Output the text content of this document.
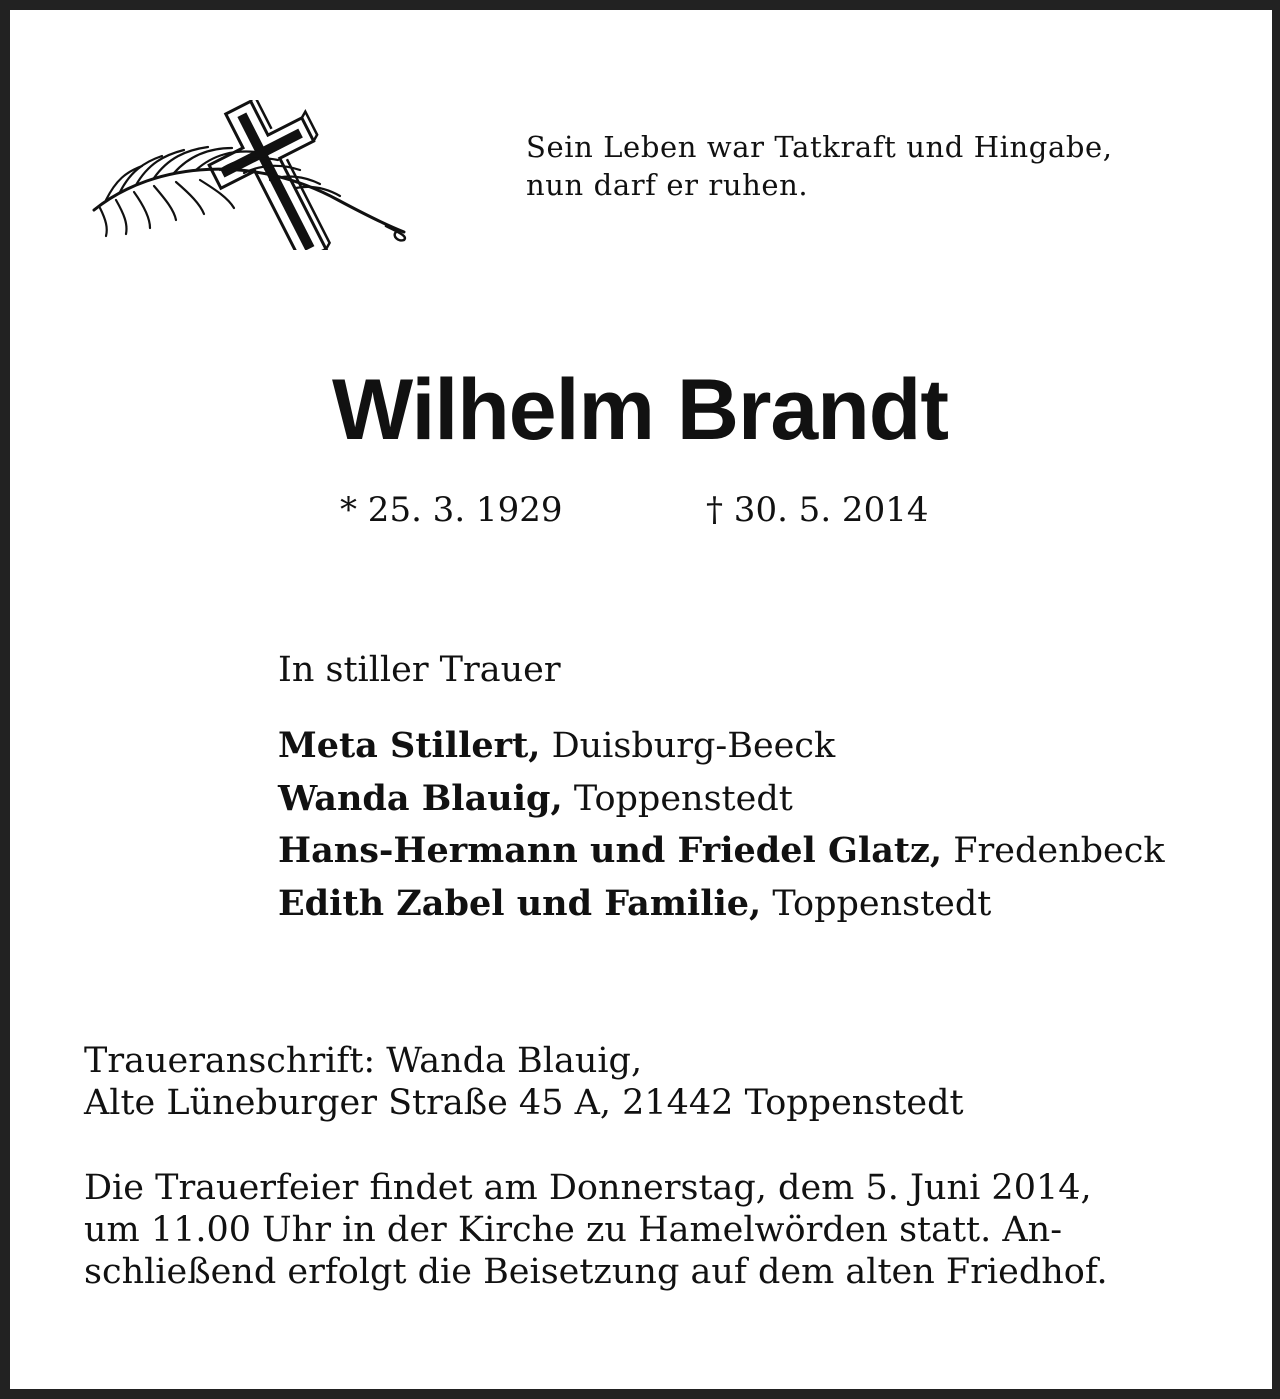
Sein Leben war Tatkraft und Hingabe,
nun darf er ruhen.
Wilhelm Brandt
* 25. 3. 1929	† 30. 5. 2014
In stiller Trauer
Meta Stillert, Duisburg-Beeck
Wanda Blauig, Toppenstedt
Hans-Hermann und Friedel Glatz, Fredenbeck
Edith Zabel und Familie, Toppenstedt
Traueranschrift: Wanda Blauig,
Alte Lüneburger Straße 45 A, 21442 Toppenstedt
Die Trauerfeier findet am Donnerstag, dem 5. Juni 2014,
um 11.00 Uhr in der Kirche zu Hamelwörden statt. An-
schließend erfolgt die Beisetzung auf dem alten Friedhof.
